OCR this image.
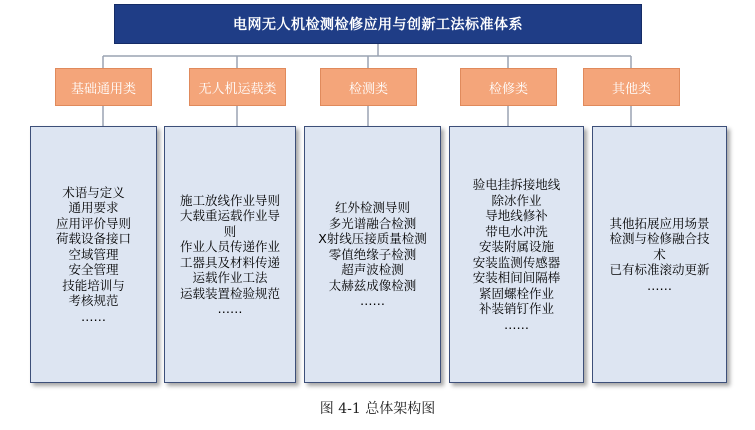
电网无人机检测检修应用与创新工法标准体系
基础通用类	无人机运载类	检测类	检修类	其他类
术语与定义
通用要求
应用评价导则
荷载设备接口
空域管理
安全管理
技能培训与
考核规范
……
施工放线作业导则
大载重运载作业导
则
作业人员传递作业
工器具及材料传递
运载作业工法
运载装置检验规范
……
红外检测导则
多光谱融合检测
X射线压接质量检测
零值绝缘子检测
超声波检测
太赫兹成像检测
……
验电挂拆接地线
除冰作业
导地线修补
带电水冲洗
安装附属设施
安装监测传感器
安装相间间隔棒
紧固螺栓作业
补装销钉作业
……
其他拓展应用场景
检测与检修融合技
术
已有标准滚动更新
……
图 4-1 总体架构图
